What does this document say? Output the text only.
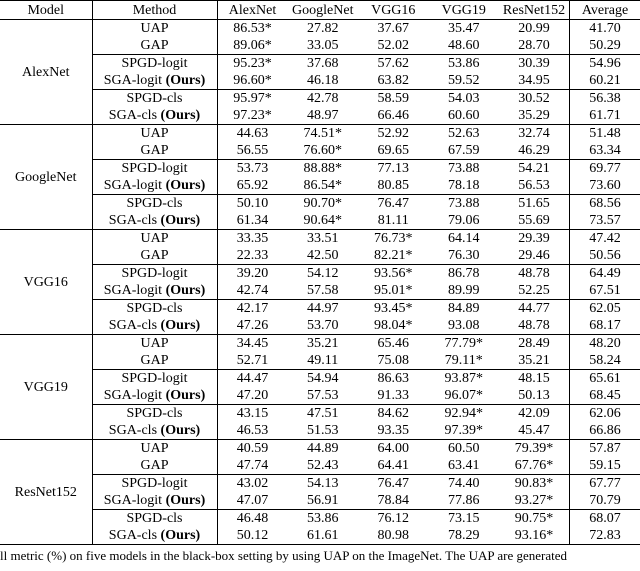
Model	Method	AlexNet	GoogleNet	VGG16	VGG19	ResNet152	Average
AlexNet	UAP	86.53*	27.82	37.67	35.47	20.99	41.70
	GAP	89.06*	33.05	52.02	48.60	28.70	50.29
	SPGD-logit	95.23*	37.68	57.62	53.86	30.39	54.96
	SGA-logit (Ours)	96.60*	46.18	63.82	59.52	34.95	60.21
	SPGD-cls	95.97*	42.78	58.59	54.03	30.52	56.38
	SGA-cls (Ours)	97.23*	48.97	66.46	60.60	35.29	61.71
GoogleNet	UAP	44.63	74.51*	52.92	52.63	32.74	51.48
	GAP	56.55	76.60*	69.65	67.59	46.29	63.34
	SPGD-logit	53.73	88.88*	77.13	73.88	54.21	69.77
	SGA-logit (Ours)	65.92	86.54*	80.85	78.18	56.53	73.60
	SPGD-cls	50.10	90.70*	76.47	73.88	51.65	68.56
	SGA-cls (Ours)	61.34	90.64*	81.11	79.06	55.69	73.57
VGG16	UAP	33.35	33.51	76.73*	64.14	29.39	47.42
	GAP	22.33	42.50	82.21*	76.30	29.46	50.56
	SPGD-logit	39.20	54.12	93.56*	86.78	48.78	64.49
	SGA-logit (Ours)	42.74	57.58	95.01*	89.99	52.25	67.51
	SPGD-cls	42.17	44.97	93.45*	84.89	44.77	62.05
	SGA-cls (Ours)	47.26	53.70	98.04*	93.08	48.78	68.17
VGG19	UAP	34.45	35.21	65.46	77.79*	28.49	48.20
	GAP	52.71	49.11	75.08	79.11*	35.21	58.24
	SPGD-logit	44.47	54.94	86.63	93.87*	48.15	65.61
	SGA-logit (Ours)	47.20	57.53	91.33	96.07*	50.13	68.45
	SPGD-cls	43.15	47.51	84.62	92.94*	42.09	62.06
	SGA-cls (Ours)	46.53	51.53	93.35	97.39*	45.47	66.86
ResNet152	UAP	40.59	44.89	64.00	60.50	79.39*	57.87
	GAP	47.74	52.43	64.41	63.41	67.76*	59.15
	SPGD-logit	43.02	54.13	76.47	74.40	90.83*	67.77
	SGA-logit (Ours)	47.07	56.91	78.84	77.86	93.27*	70.79
	SPGD-cls	46.48	53.86	76.12	73.15	90.75*	68.07
	SGA-cls (Ours)	50.12	61.61	80.98	78.29	93.16*	72.83
ll metric (%) on five models in the black-box setting by using UAP on the ImageNet. The UAP are generated
